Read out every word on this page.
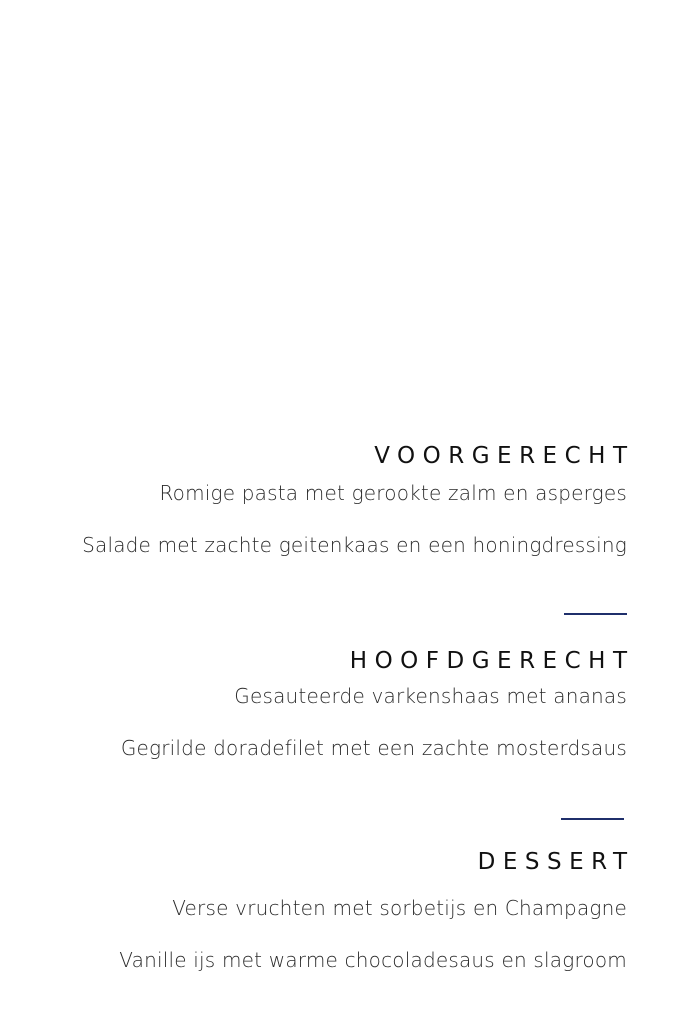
VOORGERECHT
Romige pasta met gerookte zalm en asperges
Salade met zachte geitenkaas en een honingdressing
HOOFDGERECHT
Gesauteerde varkenshaas met ananas
Gegrilde doradefilet met een zachte mosterdsaus
DESSERT
Verse vruchten met sorbetijs en Champagne
Vanille ijs met warme chocoladesaus en slagroom
